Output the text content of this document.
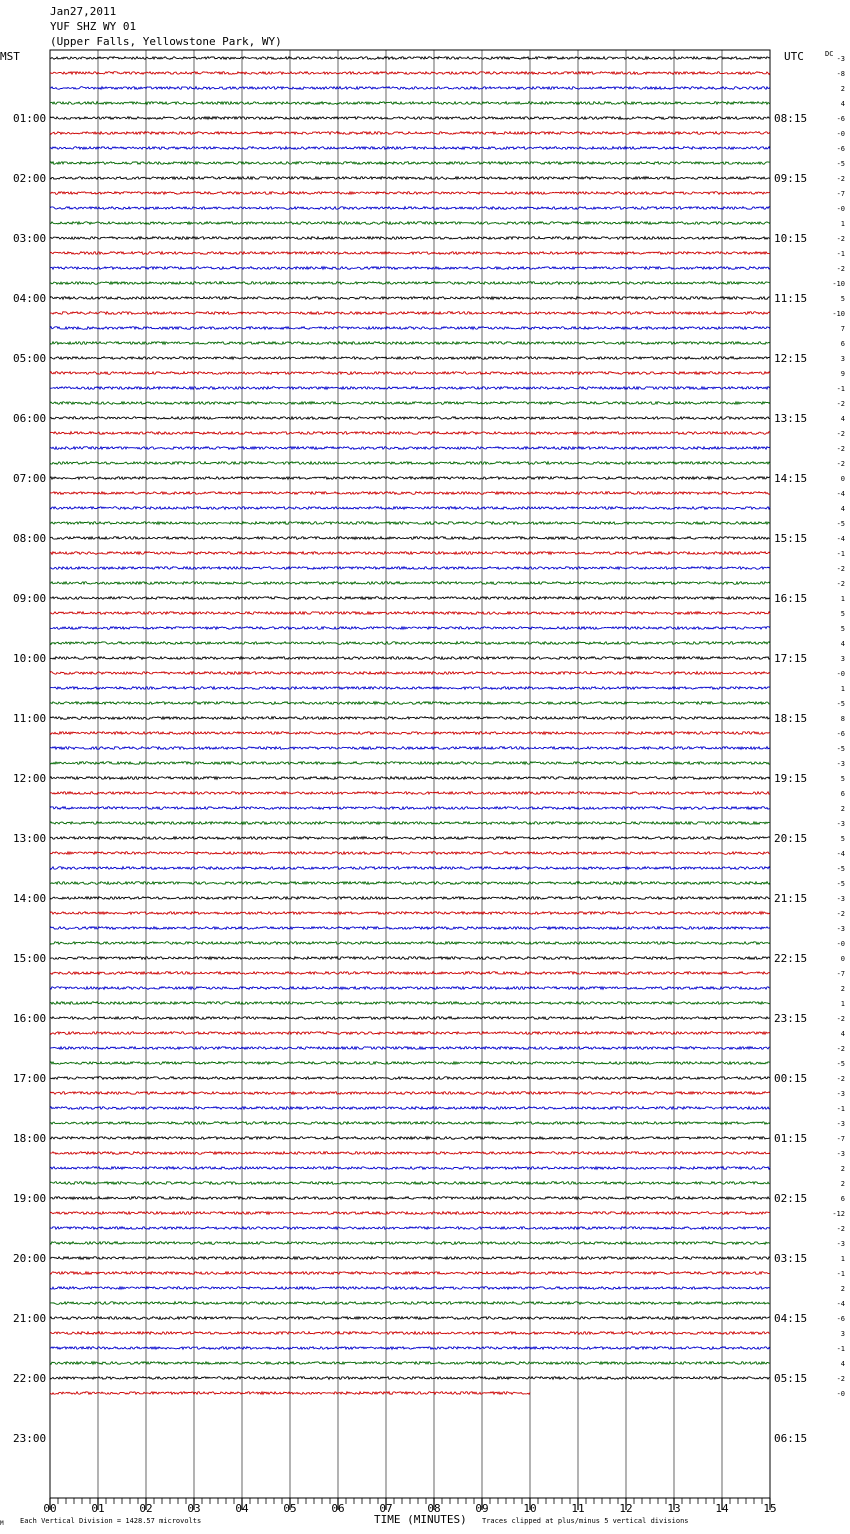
Jan27,2011
YUF SHZ WY 01
(Upper Falls, Yellowstone Park, WY)
MST	UTC	DC
M Each Vertical Division = 1428.57 microvolts	TIME (MINUTES) Traces clipped at plus/minus 5 vertical divisions
00	01	02	03	04	05	06	07	08	09	10	11	12	13	14	15
01:00
02:00
03:00
04:00
05:00
06:00
07:00
08:00
09:00
10:00
11:00
12:00
13:00
14:00
15:00
16:00
17:00
18:00
19:00
20:00
21:00
22:00
23:00
08:15
09:15
10:15
11:15
12:15
13:15
14:15
15:15
16:15
17:15
18:15
19:15
20:15
21:15
22:15
23:15
00:15
01:15
02:15
03:15
04:15
05:15
06:15
-3
-8
2
4
-6
-0
-6
-5
-2
-7
-0
1
-2
-1
-2
-10
5
-10
7
6
3
9
-1
-2
4
-2
-2
-2
0
-4
4
-5
-4
-1
-2
-2
1
5
5
4
3
-0
1
-5
8
-6
-5
-3
5
6
2
-3
5
-4
-5
-5
-3
-2
-3
-0
0
-7
2
1
-2
4
-2
-5
-2
-3
-1
-3
-7
-3
2
2
6
-12
-2
-3
1
-1
2
-4
-6
3
-1
4
-2
-0
